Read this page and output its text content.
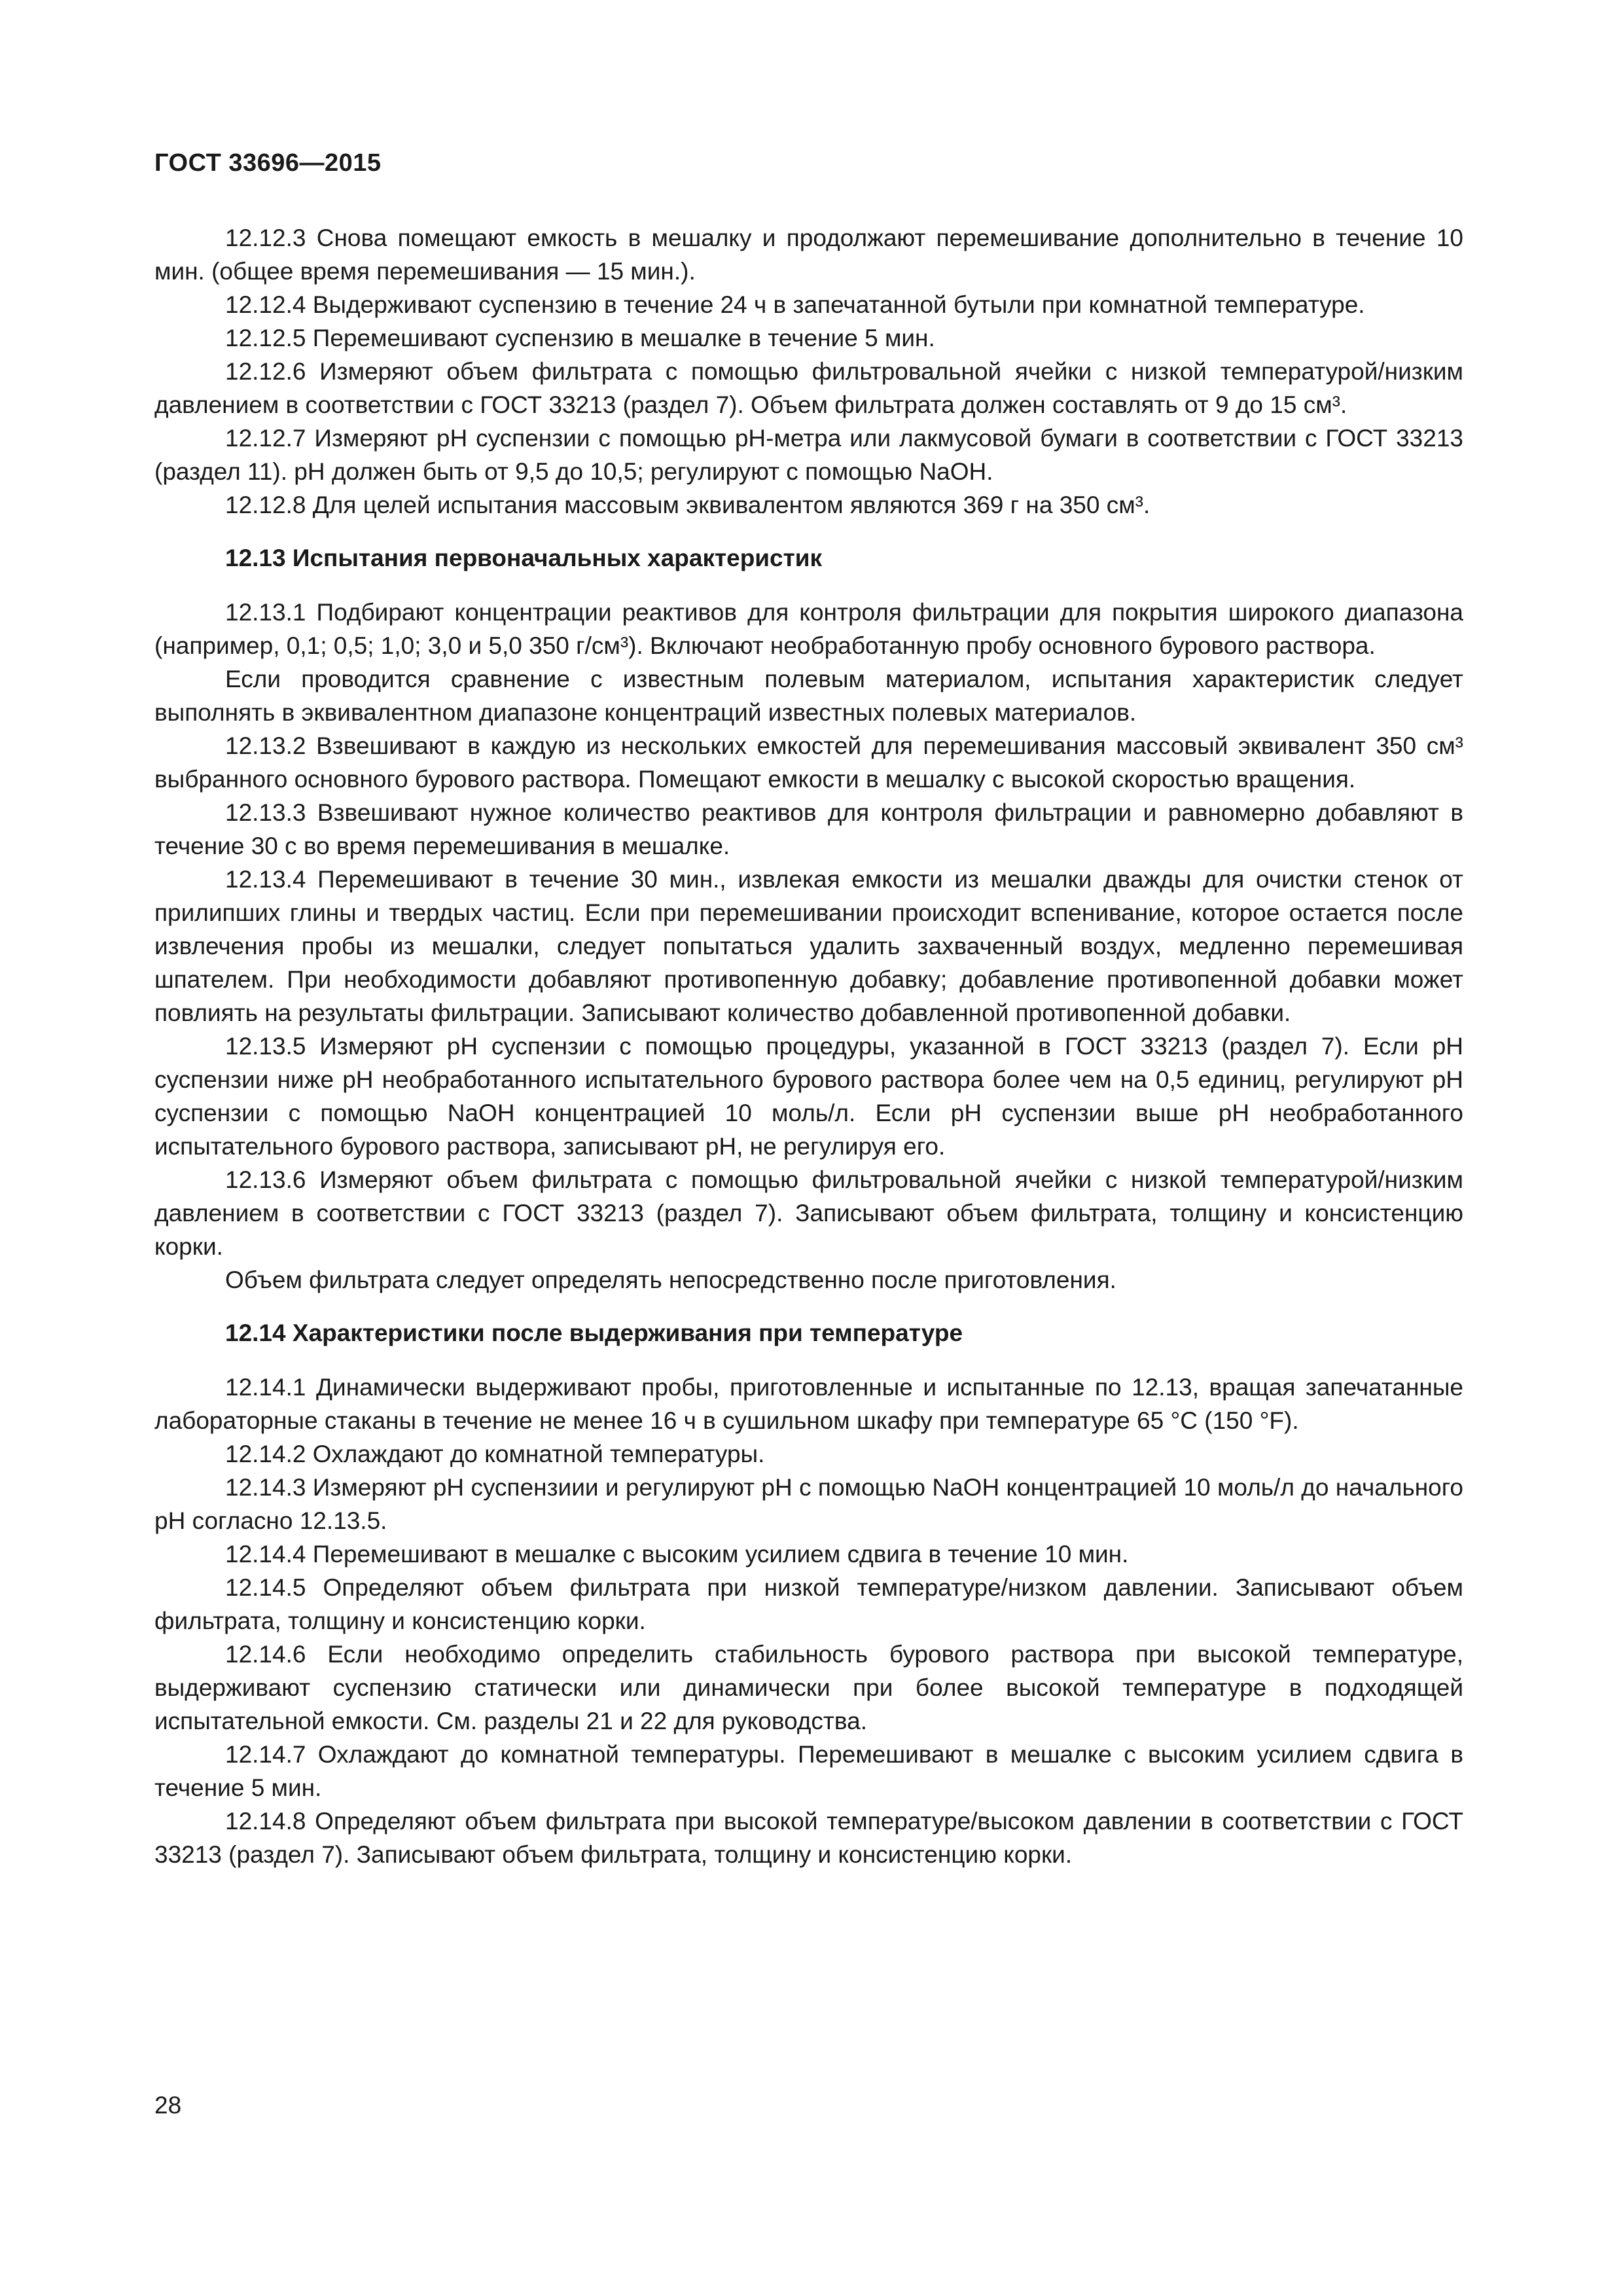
ГОСТ 33696—2015

12.12.3 Снова помещают емкость в мешалку и продолжают перемешивание дополнительно в течение 10 мин. (общее время перемешивания — 15 мин.).

12.12.4 Выдерживают суспензию в течение 24 ч в запечатанной бутыли при комнатной температуре.

12.12.5 Перемешивают суспензию в мешалке в течение 5 мин.

12.12.6 Измеряют объем фильтрата с помощью фильтровальной ячейки с низкой температурой/низким давлением в соответствии с ГОСТ 33213 (раздел 7). Объем фильтрата должен составлять от 9 до 15 см³.

12.12.7 Измеряют pH суспензии с помощью pH-метра или лакмусовой бумаги в соответствии с ГОСТ 33213 (раздел 11). pH должен быть от 9,5 до 10,5; регулируют с помощью NaOH.

12.12.8 Для целей испытания массовым эквивалентом являются 369 г на 350 см³.

12.13 Испытания первоначальных характеристик

12.13.1 Подбирают концентрации реактивов для контроля фильтрации для покрытия широкого диапазона (например, 0,1; 0,5; 1,0; 3,0 и 5,0 350 г/см³). Включают необработанную пробу основного бурового раствора.

Если проводится сравнение с известным полевым материалом, испытания характеристик следует выполнять в эквивалентном диапазоне концентраций известных полевых материалов.

12.13.2 Взвешивают в каждую из нескольких емкостей для перемешивания массовый эквивалент 350 см³ выбранного основного бурового раствора. Помещают емкости в мешалку с высокой скоростью вращения.

12.13.3 Взвешивают нужное количество реактивов для контроля фильтрации и равномерно добавляют в течение 30 с во время перемешивания в мешалке.

12.13.4 Перемешивают в течение 30 мин., извлекая емкости из мешалки дважды для очистки стенок от прилипших глины и твердых частиц. Если при перемешивании происходит вспенивание, которое остается после извлечения пробы из мешалки, следует попытаться удалить захваченный воздух, медленно перемешивая шпателем. При необходимости добавляют противопенную добавку; добавление противопенной добавки может повлиять на результаты фильтрации. Записывают количество добавленной противопенной добавки.

12.13.5 Измеряют pH суспензии с помощью процедуры, указанной в ГОСТ 33213 (раздел 7). Если pH суспензии ниже pH необработанного испытательного бурового раствора более чем на 0,5 единиц, регулируют pH суспензии с помощью NaOH концентрацией 10 моль/л. Если pH суспензии выше pH необработанного испытательного бурового раствора, записывают pH, не регулируя его.

12.13.6 Измеряют объем фильтрата с помощью фильтровальной ячейки с низкой температурой/низким давлением в соответствии с ГОСТ 33213 (раздел 7). Записывают объем фильтрата, толщину и консистенцию корки.

Объем фильтрата следует определять непосредственно после приготовления.

12.14 Характеристики после выдерживания при температуре

12.14.1 Динамически выдерживают пробы, приготовленные и испытанные по 12.13, вращая запечатанные лабораторные стаканы в течение не менее 16 ч в сушильном шкафу при температуре 65 °C (150 °F).

12.14.2 Охлаждают до комнатной температуры.

12.14.3 Измеряют pH суспензиии и регулируют pH с помощью NaOH концентрацией 10 моль/л до начального pH согласно 12.13.5.

12.14.4 Перемешивают в мешалке с высоким усилием сдвига в течение 10 мин.

12.14.5 Определяют объем фильтрата при низкой температуре/низком давлении. Записывают объем фильтрата, толщину и консистенцию корки.

12.14.6 Если необходимо определить стабильность бурового раствора при высокой температуре, выдерживают суспензию статически или динамически при более высокой температуре в подходящей испытательной емкости. См. разделы 21 и 22 для руководства.

12.14.7 Охлаждают до комнатной температуры. Перемешивают в мешалке с высоким усилием сдвига в течение 5 мин.

12.14.8 Определяют объем фильтрата при высокой температуре/высоком давлении в соответствии с ГОСТ 33213 (раздел 7). Записывают объем фильтрата, толщину и консистенцию корки.

28
